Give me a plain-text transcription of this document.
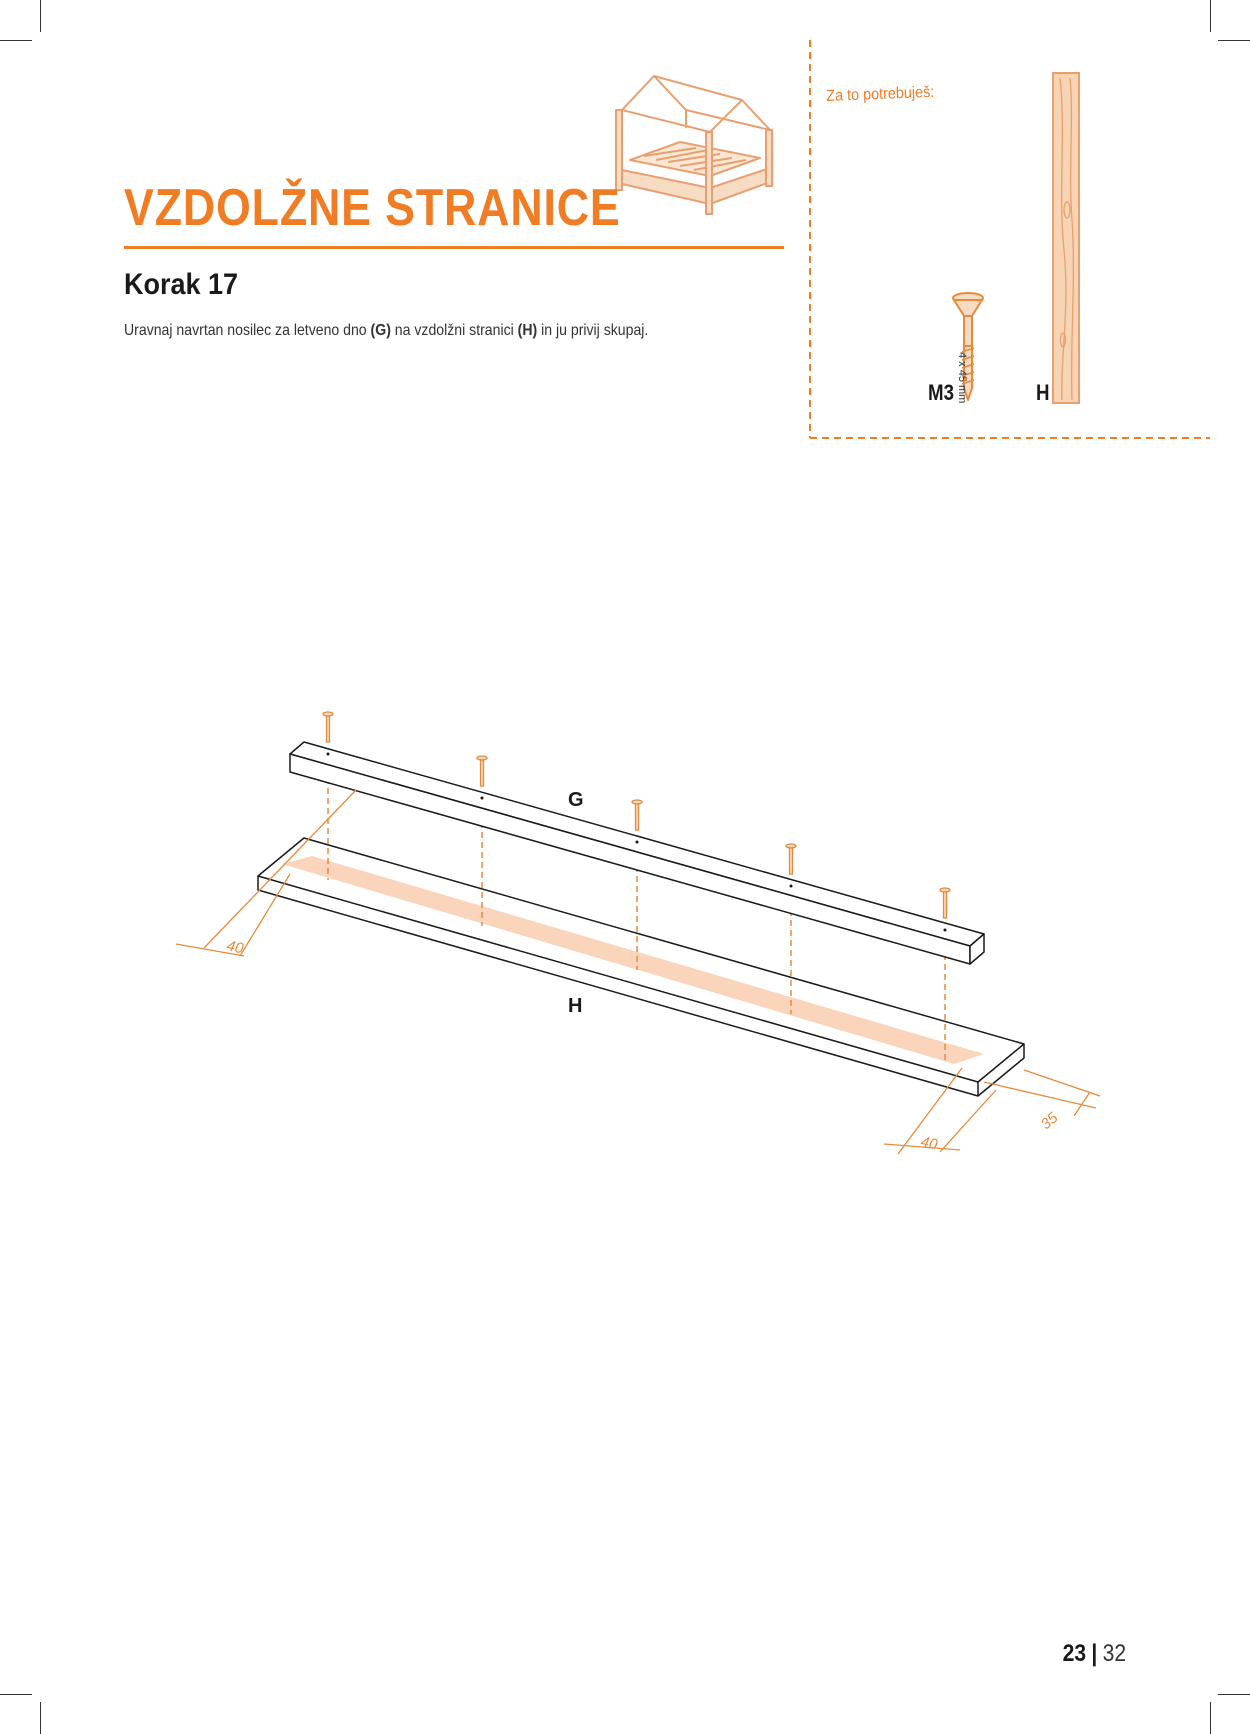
VZDOLŽNE STRANICE
Korak 17

Uravnaj navrtan nosilec za letveno dno (G) na vzdolžni stranici (H) in ju privij skupaj.

Za to potrebuješ:
4 x 45 mm
M3	H
G
H
40
40
35
23 | 32
